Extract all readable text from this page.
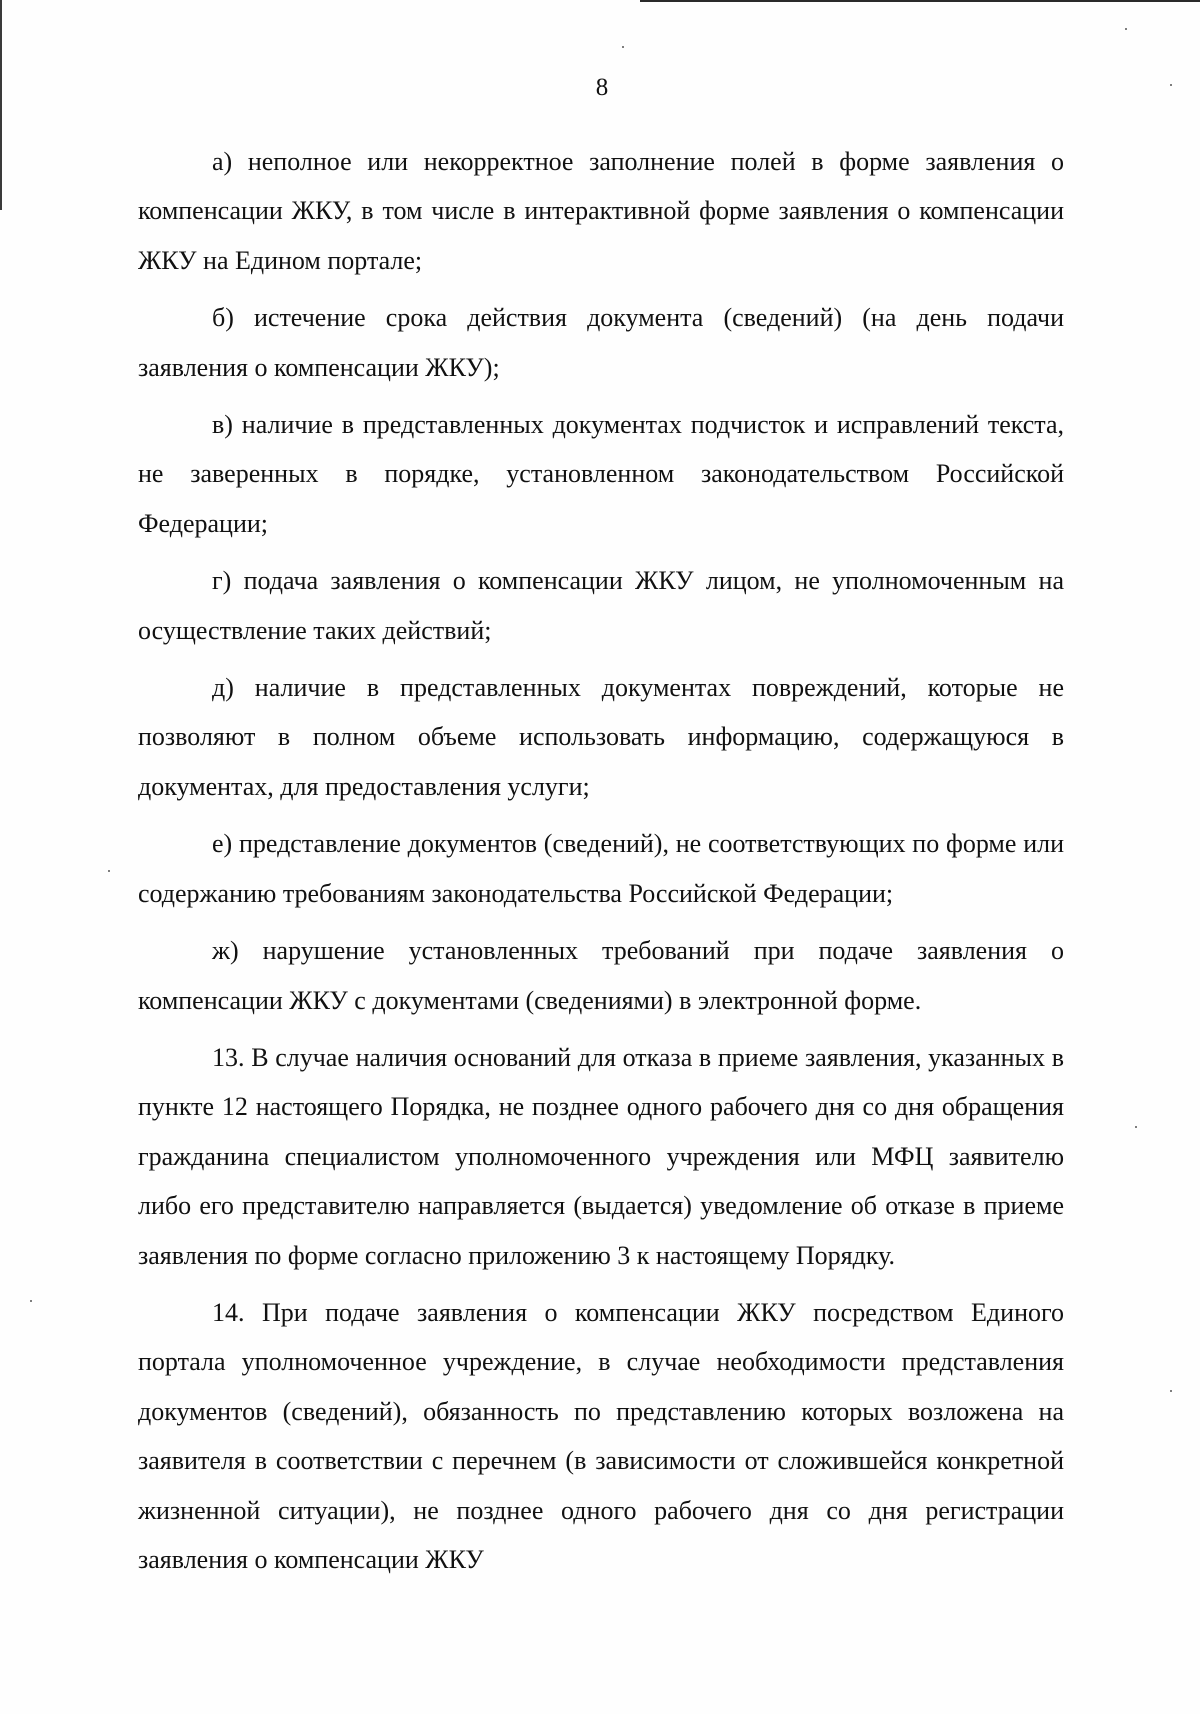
8

а) неполное или некорректное заполнение полей в форме заявления о компенсации ЖКУ, в том числе в интерактивной форме заявления о компенсации ЖКУ на Едином портале;

б) истечение срока действия документа (сведений) (на день подачи заявления о компенсации ЖКУ);

в) наличие в представленных документах подчисток и исправлений текста, не заверенных в порядке, установленном законодательством Российской Федерации;

г) подача заявления о компенсации ЖКУ лицом, не уполномоченным на осуществление таких действий;

д) наличие в представленных документах повреждений, которые не позволяют в полном объеме использовать информацию, содержащуюся в документах, для предоставления услуги;

е) представление документов (сведений), не соответствующих по форме или содержанию требованиям законодательства Российской Федерации;

ж) нарушение установленных требований при подаче заявления о компенсации ЖКУ с документами (сведениями) в электронной форме.

13. В случае наличия оснований для отказа в приеме заявления, указанных в пункте 12 настоящего Порядка, не позднее одного рабочего дня со дня обращения гражданина специалистом уполномоченного учреждения или МФЦ заявителю либо его представителю направляется (выдается) уведомление об отказе в приеме заявления по форме согласно приложению 3 к настоящему Порядку.

14. При подаче заявления о компенсации ЖКУ посредством Единого портала уполномоченное учреждение, в случае необходимости представления документов (сведений), обязанность по представлению которых возложена на заявителя в соответствии с перечнем (в зависимости от сложившейся конкретной жизненной ситуации), не позднее одного рабочего дня со дня регистрации заявления о компенсации ЖКУ
